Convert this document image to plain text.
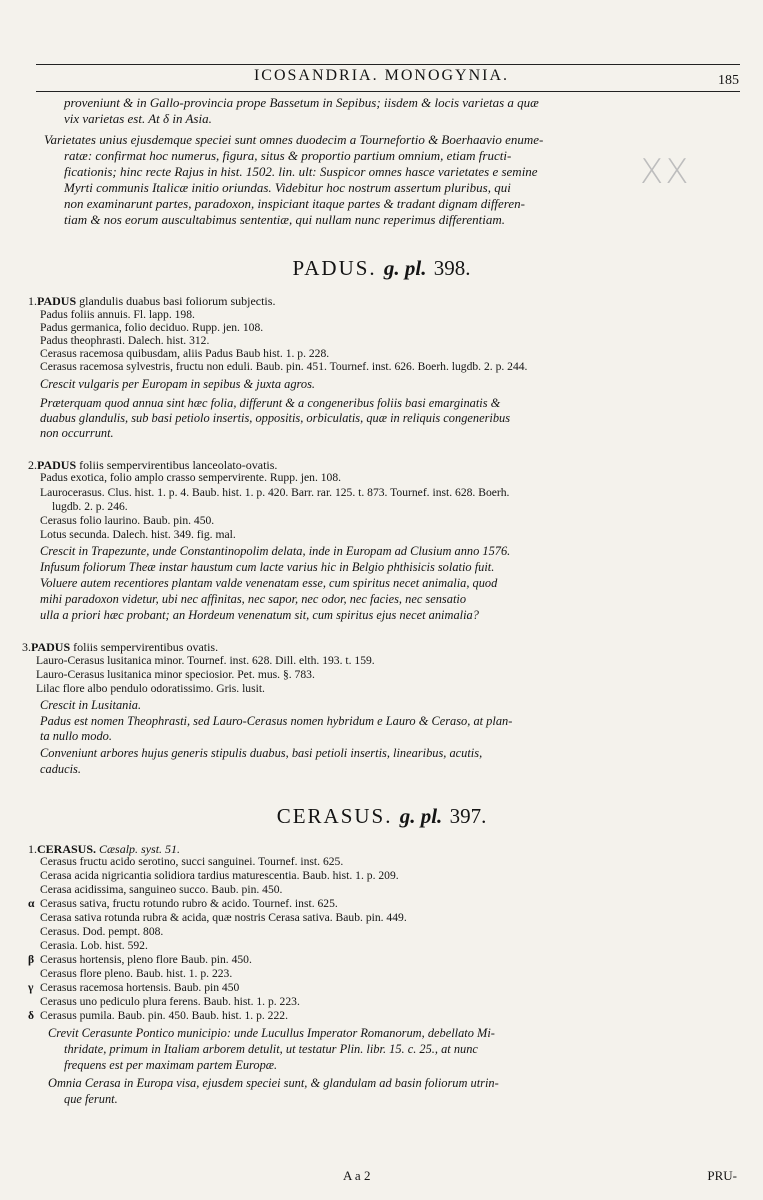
ICOSANDRIA. MONOGYNIA.	185
XX
proveniunt & in Gallo-provincia prope Bassetum in Sepibus; iisdem & locis varietas a quæ
vix varietas est. At δ in Asia.
Varietates unius ejusdemque speciei sunt omnes duodecim a Tournefortio & Boerhaavio enume-
ratæ: confirmat hoc numerus, figura, situs & proportio partium omnium, etiam fructi-
ficationis; hinc recte Rajus in hist. 1502. lin. ult: Suspicor omnes hasce varietates e semine
Myrti communis Italicæ initio oriundas. Videbitur hoc nostrum assertum pluribus, qui
non examinarunt partes, paradoxon, inspiciant itaque partes & tradant dignam differen-
tiam & nos eorum auscultabimus sententiæ, qui nullam nunc reperimus differentiam.
PADUS. g. pl. 398.
1.PADUS glandulis duabus basi foliorum subjectis.
Padus foliis annuis. Fl. lapp. 198.
Padus germanica, folio deciduo. Rupp. jen. 108.
Padus theophrasti. Dalech. hist. 312.
Cerasus racemosa quibusdam, aliis Padus Baub hist. 1. p. 228.
Cerasus racemosa sylvestris, fructu non eduli. Baub. pin. 451. Tournef. inst. 626. Boerh. lugdb. 2. p. 244.
Crescit vulgaris per Europam in sepibus & juxta agros.
Præterquam quod annua sint hæc folia, differunt & a congeneribus foliis basi emarginatis &
duabus glandulis, sub basi petiolo insertis, oppositis, orbiculatis, quæ in reliquis congeneribus
non occurrunt.
2.PADUS foliis sempervirentibus lanceolato-ovatis.
Padus exotica, folio amplo crasso sempervirente. Rupp. jen. 108.
Laurocerasus. Clus. hist. 1. p. 4. Baub. hist. 1. p. 420. Barr. rar. 125. t. 873. Tournef. inst. 628. Boerh.
lugdb. 2. p. 246.
Cerasus folio laurino. Baub. pin. 450.
Lotus secunda. Dalech. hist. 349. fig. mal.
Crescit in Trapezunte, unde Constantinopolim delata, inde in Europam ad Clusium anno 1576.
Infusum foliorum Theæ instar haustum cum lacte varius hic in Belgio phthisicis solatio fuit.
Voluere autem recentiores plantam valde venenatam esse, cum spiritus necet animalia, quod
mihi paradoxon videtur, ubi nec affinitas, nec sapor, nec odor, nec facies, nec sensatio
ulla a priori hæc probant; an Hordeum venenatum sit, cum spiritus ejus necet animalia?
3.PADUS foliis sempervirentibus ovatis.
Lauro-Cerasus lusitanica minor. Tournef. inst. 628. Dill. elth. 193. t. 159.
Lauro-Cerasus lusitanica minor speciosior. Pet. mus. §. 783.
Lilac flore albo pendulo odoratissimo. Gris. lusit.
Crescit in Lusitania.
Padus est nomen Theophrasti, sed Lauro-Cerasus nomen hybridum e Lauro & Ceraso, at plan-
ta nullo modo.
Conveniunt arbores hujus generis stipulis duabus, basi petioli insertis, linearibus, acutis,
caducis.
CERASUS. g. pl. 397.
1.CERASUS. Cæsalp. syst. 51.
Cerasus fructu acido serotino, succi sanguinei. Tournef. inst. 625.
Cerasa acida nigricantia solidiora tardius maturescentia. Baub. hist. 1. p. 209.
Cerasa acidissima, sanguineo succo. Baub. pin. 450.
α Cerasus sativa, fructu rotundo rubro & acido. Tournef. inst. 625.
Cerasa sativa rotunda rubra & acida, quæ nostris Cerasa sativa. Baub. pin. 449.
Cerasus. Dod. pempt. 808.
Cerasia. Lob. hist. 592.
β Cerasus hortensis, pleno flore Baub. pin. 450.
Cerasus flore pleno. Baub. hist. 1. p. 223.
γ Cerasus racemosa hortensis. Baub. pin 450
Cerasus uno pediculo plura ferens. Baub. hist. 1. p. 223.
δ Cerasus pumila. Baub. pin. 450. Baub. hist. 1. p. 222.
Crevit Cerasunte Pontico municipio: unde Lucullus Imperator Romanorum, debellato Mi-
thridate, primum in Italiam arborem detulit, ut testatur Plin. libr. 15. c. 25., at nunc
frequens est per maximam partem Europæ.
Omnia Cerasa in Europa visa, ejusdem speciei sunt, & glandulam ad basin foliorum utrin-
que ferunt.
A a 2	PRU-
